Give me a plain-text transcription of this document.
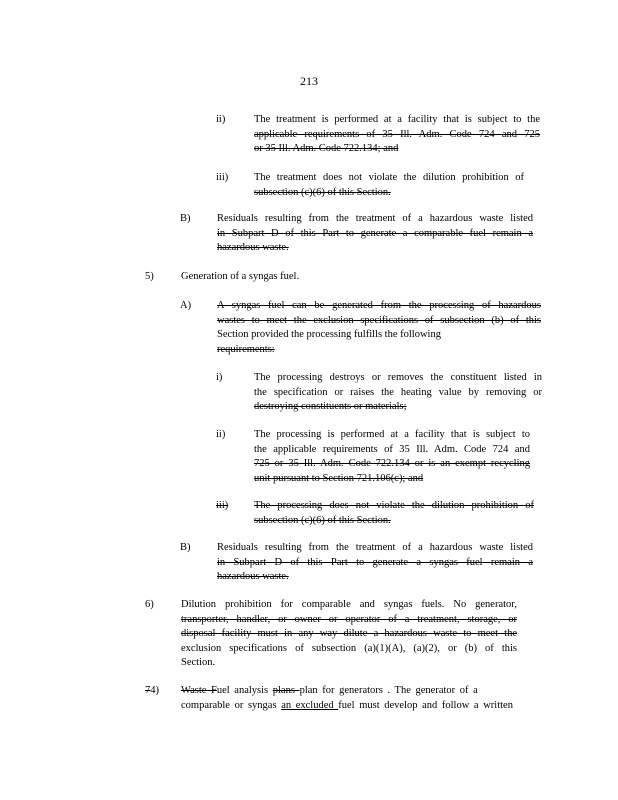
213
ii)	The treatment is performed at a facility that is subject to the
applicable requirements of 35 Ill. Adm. Code 724 and 725
or 35 Ill. Adm. Code 722.134; and
iii) The treatment does not violate the dilution prohibition of
subsection (c)(6) of this Section.
B)	Residuals resulting from the treatment of a hazardous waste listed
in Subpart D of this Part to generate a comparable fuel remain a
hazardous waste.
5)	Generation of a syngas fuel.
A) A syngas fuel can be generated from the processing of hazardous
wastes to meet the exclusion specifications of subsection (b) of this
Section provided the processing fulfills the following
requirements:
i)	The processing destroys or removes the constituent listed in
the specification or raises the heating value by removing or
destroying constituents or materials;
ii)	The processing is performed at a facility that is subject to
the applicable requirements of 35 Ill. Adm. Code 724 and
725 or 35 Ill. Adm. Code 722.134 or is an exempt recycling
unit pursuant to Section 721.106(c); and
iii) The processing does not violate the dilution prohibition of
subsection (c)(6) of this Section.
B)	Residuals resulting from the treatment of a hazardous waste listed
in Subpart D of this Part to generate a syngas fuel remain a
hazardous waste.
6)	Dilution prohibition for comparable and syngas fuels. No generator,
transporter, handler, or owner or operator of a treatment, storage, or
disposal facility must in any way dilute a hazardous waste to meet the
exclusion specifications of subsection (a)(1)(A), (a)(2), or (b) of this
Section.
74) Waste Fuel analysis plans plan for generators . The generator of a
comparable or syngas an excluded fuel must develop and follow a written
